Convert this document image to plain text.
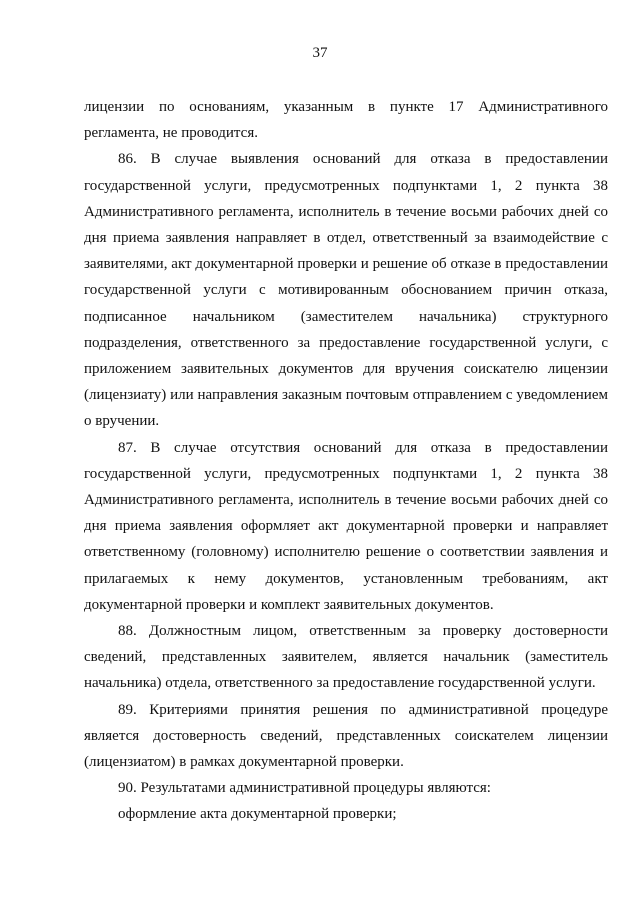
37

лицензии по основаниям, указанным в пункте 17 Административного регламента, не проводится.

86. В случае выявления оснований для отказа в предоставлении государственной услуги, предусмотренных подпунктами 1, 2 пункта 38 Административного регламента, исполнитель в течение восьми рабочих дней со дня приема заявления направляет в отдел, ответственный за взаимодействие с заявителями, акт документарной проверки и решение об отказе в предоставлении государственной услуги с мотивированным обоснованием причин отказа, подписанное начальником (заместителем начальника) структурного подразделения, ответственного за предоставление государственной услуги, с приложением заявительных документов для вручения соискателю лицензии (лицензиату) или направления заказным почтовым отправлением с уведомлением о вручении.

87. В случае отсутствия оснований для отказа в предоставлении государственной услуги, предусмотренных подпунктами 1, 2 пункта 38 Административного регламента, исполнитель в течение восьми рабочих дней со дня приема заявления оформляет акт документарной проверки и направляет ответственному (головному) исполнителю решение о соответствии заявления и прилагаемых к нему документов, установленным требованиям, акт документарной проверки и комплект заявительных документов.

88. Должностным лицом, ответственным за проверку достоверности сведений, представленных заявителем, является начальник (заместитель начальника) отдела, ответственного за предоставление государственной услуги.

89. Критериями принятия решения по административной процедуре является достоверность сведений, представленных соискателем лицензии (лицензиатом) в рамках документарной проверки.

90. Результатами административной процедуры являются:

оформление акта документарной проверки;
